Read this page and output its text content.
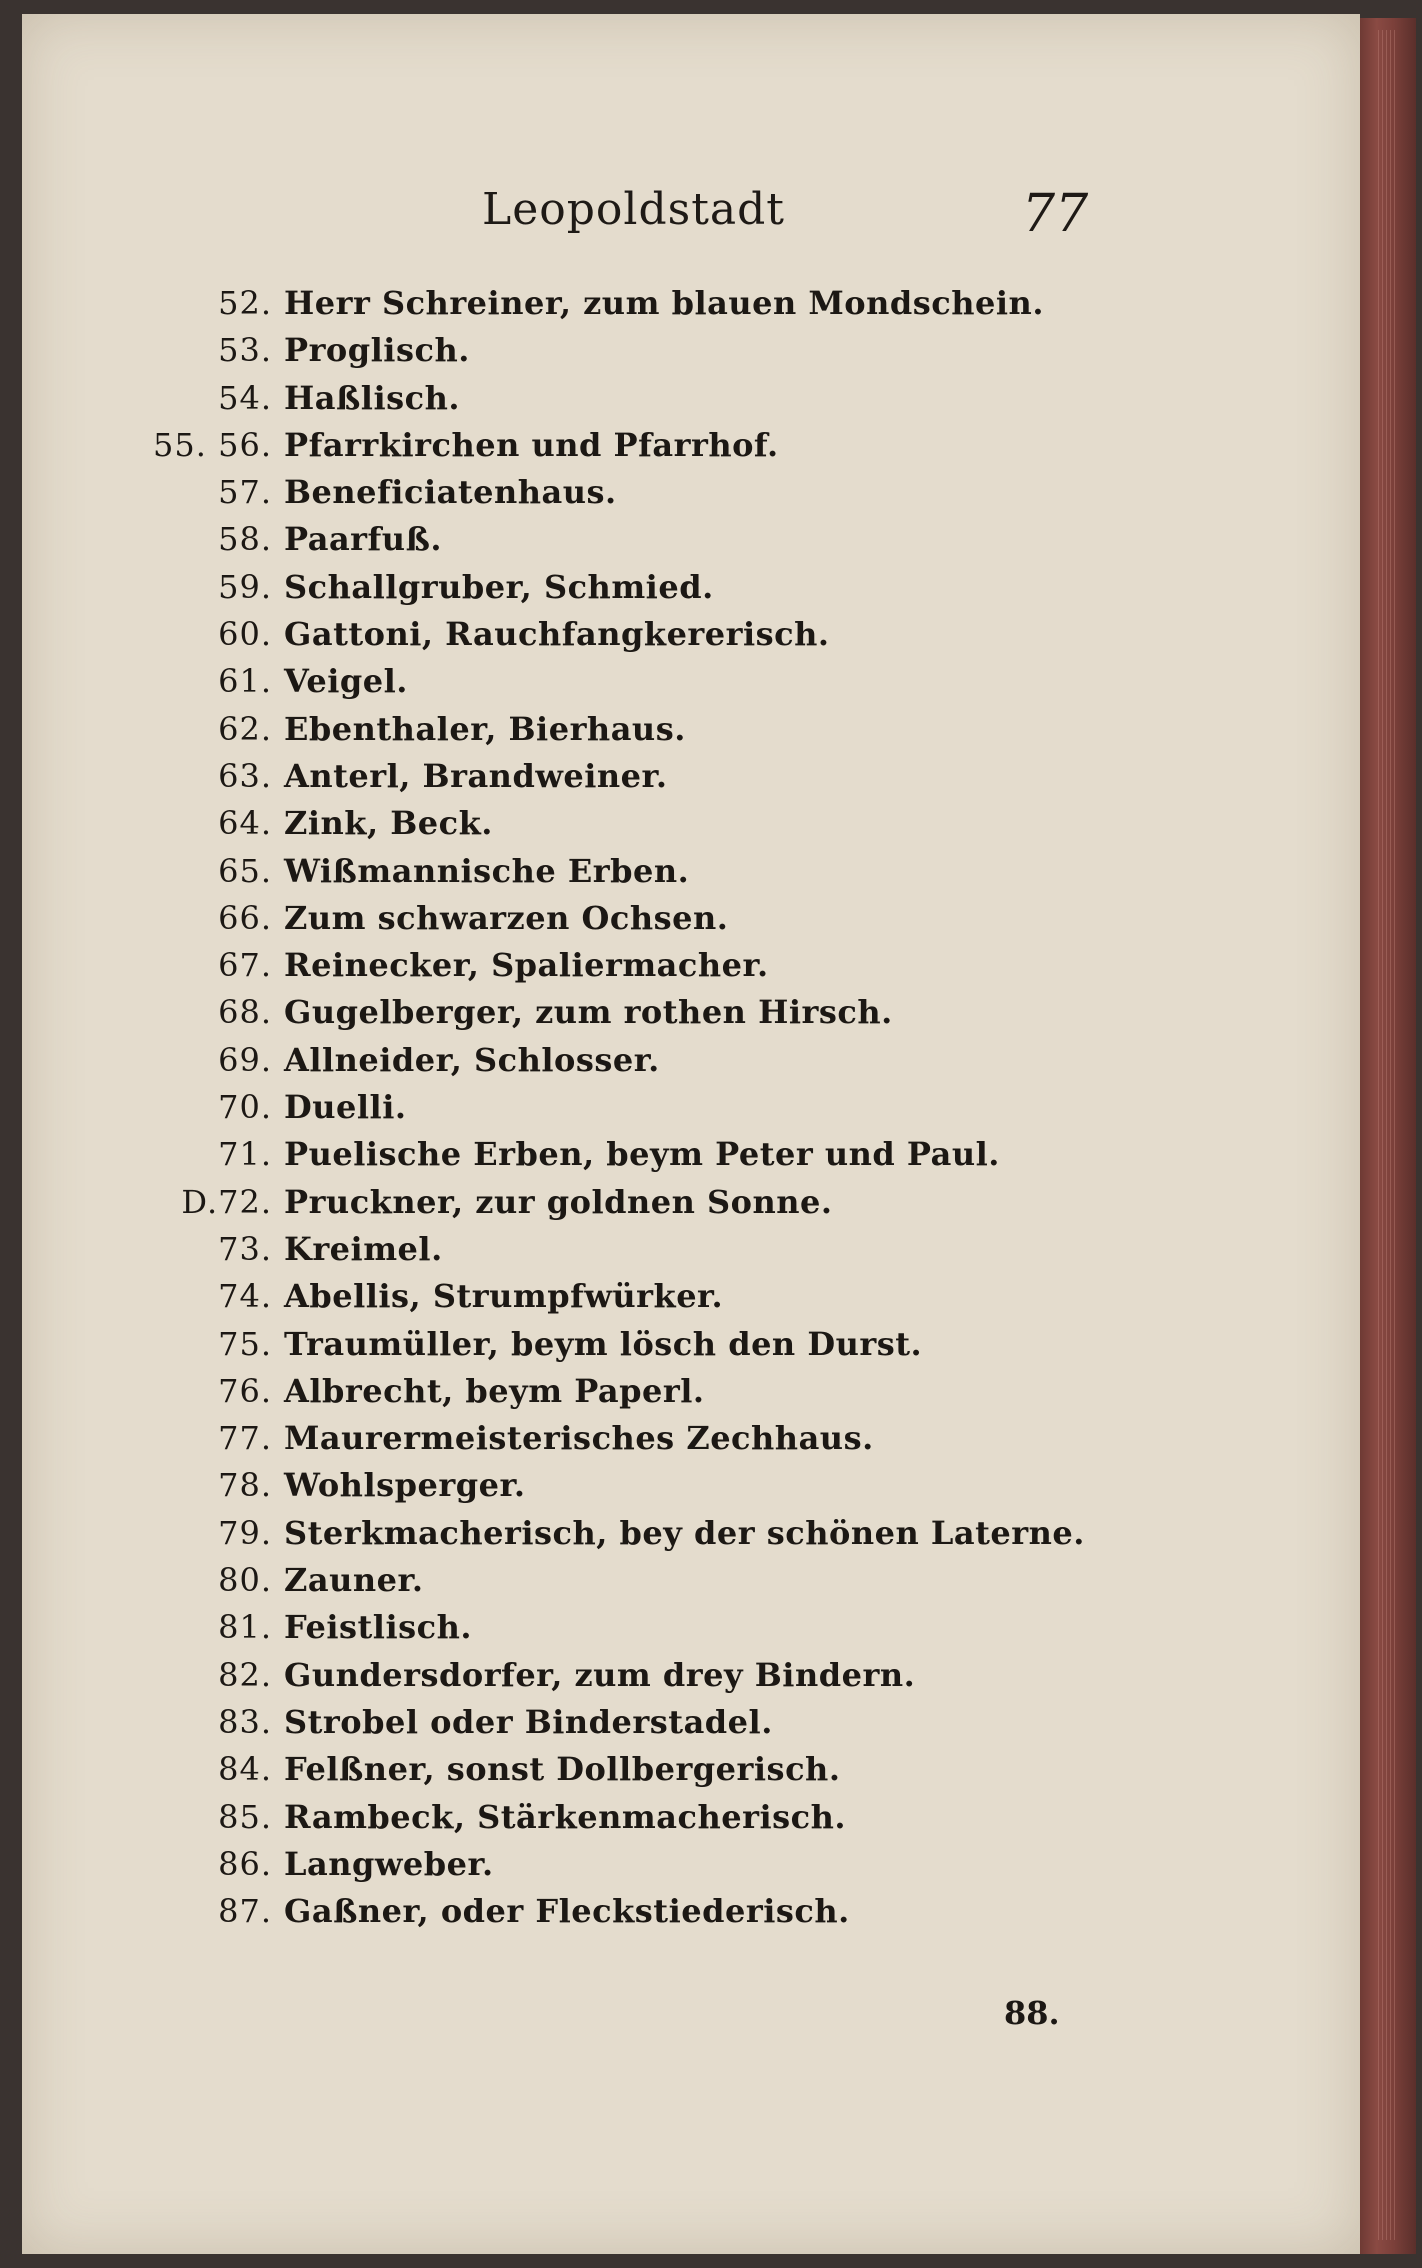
Leopoldstadt	77
52. Herr Schreiner, zum blauen Mondschein.
53. Proglisch.
54. Haßlisch.
55. 56. Pfarrkirchen und Pfarrhof.
57. Beneficiatenhaus.
58. Paarfuß.
59. Schallgruber, Schmied.
60. Gattoni, Rauchfangkererisch.
61. Veigel.
62. Ebenthaler, Bierhaus.
63. Anterl, Brandweiner.
64. Zink, Beck.
65. Wißmannische Erben.
66. Zum schwarzen Ochsen.
67. Reinecker, Spaliermacher.
68. Gugelberger, zum rothen Hirsch.
69. Allneider, Schlosser.
70. Duelli.
71. Puelische Erben, beym Peter und Paul.
D.72. Pruckner, zur goldnen Sonne.
73. Kreimel.
74. Abellis, Strumpfwürker.
75. Traumüller, beym lösch den Durst.
76. Albrecht, beym Paperl.
77. Maurermeisterisches Zechhaus.
78. Wohlsperger.
79. Sterkmacherisch, bey der schönen Laterne.
80. Zauner.
81. Feistlisch.
82. Gundersdorfer, zum drey Bindern.
83. Strobel oder Binderstadel.
84. Felßner, sonst Dollbergerisch.
85. Rambeck, Stärkenmacherisch.
86. Langweber.
87. Gaßner, oder Fleckstiederisch.
88.
